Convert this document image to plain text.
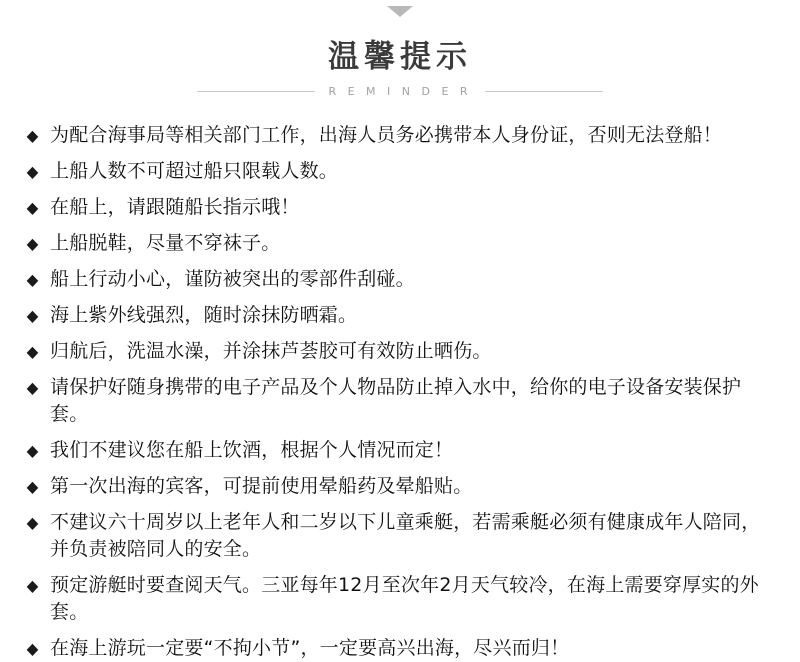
温馨提示
R E M I N D E R
◆ 为配合海事局等相关部门工作，出海人员务必携带本人身份证，否则无法登船！
◆ 上船人数不可超过船只限载人数。
◆ 在船上，请跟随船长指示哦！
◆ 上船脱鞋，尽量不穿袜子。
◆ 船上行动小心，谨防被突出的零部件刮碰。
◆ 海上紫外线强烈，随时涂抹防晒霜。
◆ 归航后，洗温水澡，并涂抹芦荟胶可有效防止晒伤。
◆ 请保护好随身携带的电子产品及个人物品防止掉入水中，给你的电子设备安装保护套。
◆ 我们不建议您在船上饮酒，根据个人情况而定！
◆ 第一次出海的宾客，可提前使用晕船药及晕船贴。
◆ 不建议六十周岁以上老年人和二岁以下儿童乘艇，若需乘艇必须有健康成年人陪同，并负责被陪同人的安全。
◆ 预定游艇时要查阅天气。三亚每年12月至次年2月天气较冷，在海上需要穿厚实的外套。
◆ 在海上游玩一定要“不拘小节”，一定要高兴出海，尽兴而归！
